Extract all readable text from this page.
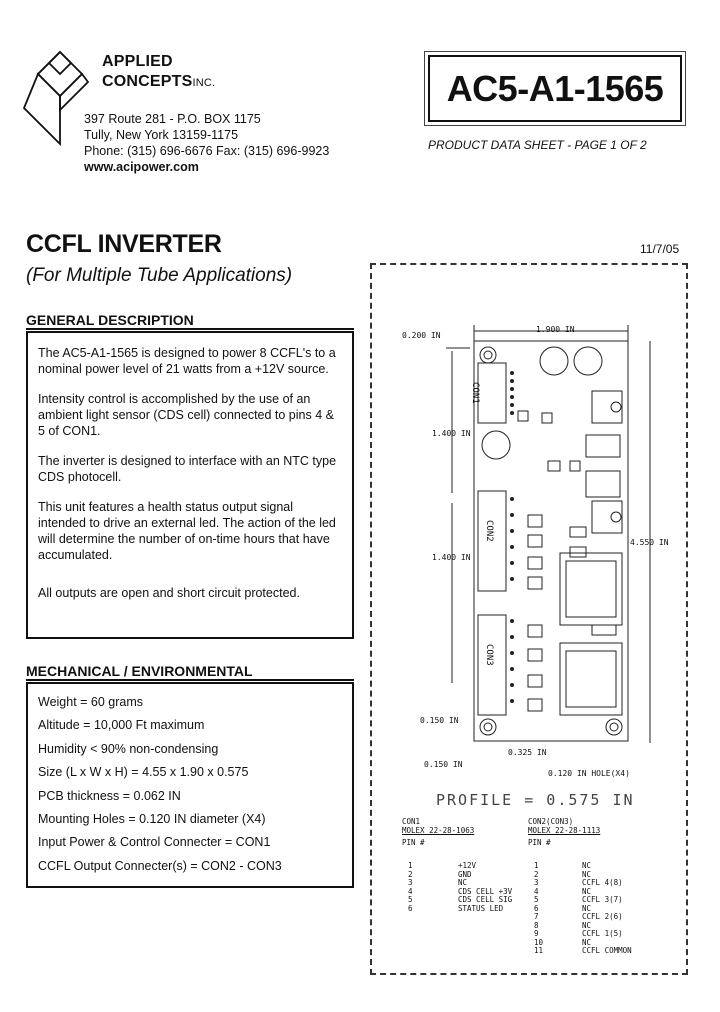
APPLIED
CONCEPTSINC.
397 Route 281 - P.O. BOX 1175
Tully, New York 13159-1175
Phone: (315) 696-6676 Fax: (315) 696-9923
www.acipower.com
AC5-A1-1565
PRODUCT DATA SHEET - PAGE 1 OF 2
CCFL INVERTER
(For Multiple Tube Applications)
11/7/05
GENERAL DESCRIPTION

The AC5-A1-1565 is designed to power 8 CCFL's to a nominal power level of 21 watts from a +12V source.

Intensity control is accomplished by the use of an ambient light sensor (CDS cell) connected to pins 4 & 5 of CON1.

The inverter is designed to interface with an NTC type CDS photocell.

This unit features a health status output signal intended to drive an external led. The action of the led will determine the number of on-time hours that have accumulated.

All outputs are open and short circuit protected.

MECHANICAL / ENVIRONMENTAL
Weight = 60 grams
Altitude = 10,000 Ft maximum
Humidity < 90% non-condensing
Size (L x W x H) = 4.55 x 1.90 x 0.575
PCB thickness = 0.062 IN
Mounting Holes = 0.120 IN diameter (X4)
Input Power & Control Connecter = CON1
CCFL Output Connecter(s) = CON2 - CON3
1.900 IN
0.200 IN
1.400 IN
1.400 IN
4.550 IN
0.150 IN
0.150 IN
0.325 IN
0.120 IN HOLE(X4)
CON1
CON2
CON3
PROFILE = 0.575 IN
CON1
MOLEX 22-28-1063
PIN #
1
2
3
4
5
6
+12V
GND
NC
CDS CELL +3V
CDS CELL SIG
STATUS LED
CON2(CON3)
MOLEX 22-28-1113
PIN #
1
2
3
4
5
6
7
8
9
10
11
NC
NC
CCFL 4(8)
NC
CCFL 3(7)
NC
CCFL 2(6)
NC
CCFL 1(5)
NC
CCFL COMMON
